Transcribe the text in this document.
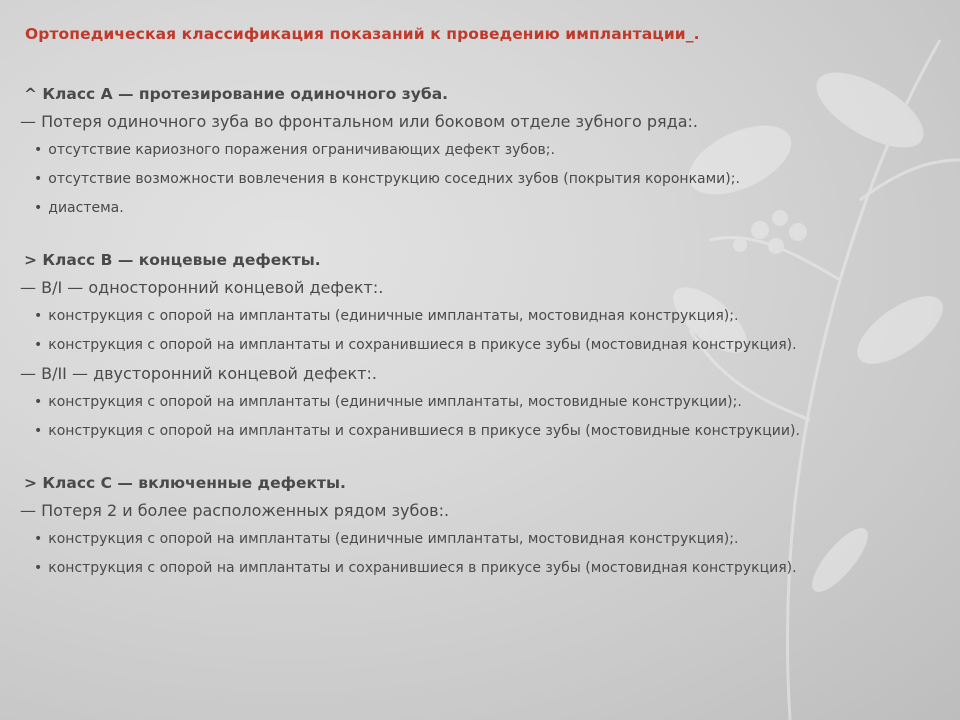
Ортопедическая классификация показаний к проведению имплантации_.
^ Класс А — протезирование одиночного зуба.
— Потеря одиночного зуба во фронтальном или боковом отделе зубного ряда:.
• отсутствие кариозного поражения ограничивающих дефект зубов;.
• отсутствие возможности вовлечения в конструкцию соседних зубов (покрытия коронками);.
• диастема.
> Класс В — концевые дефекты.
— В/I — односторонний концевой дефект:.
• конструкция с опорой на имплантаты (единичные имплантаты, мостовидная конструкция);.
• конструкция с опорой на имплантаты и сохранившиеся в прикусе зубы (мостовидная конструкция).
— В/II — двусторонний концевой дефект:.
• конструкция с опорой на имплантаты (единичные имплантаты, мостовидные конструкции);.
• конструкция с опорой на имплантаты и сохранившиеся в прикусе зубы (мостовидные конструкции).
> Класс С — включенные дефекты.
— Потеря 2 и более расположенных рядом зубов:.
• конструкция с опорой на имплантаты (единичные имплантаты, мостовидная конструкция);.
• конструкция с опорой на имплантаты и сохранившиеся в прикусе зубы (мостовидная конструкция).
